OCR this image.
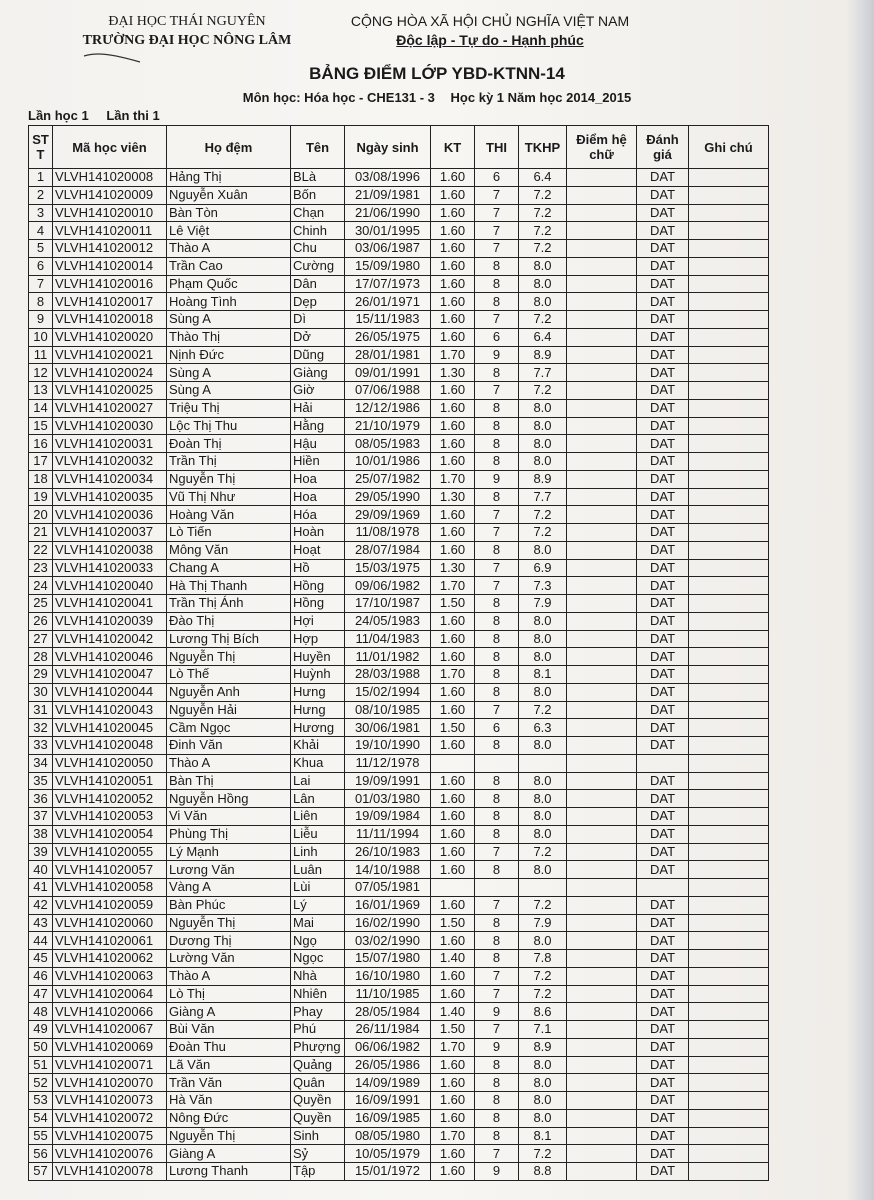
ĐẠI HỌC THÁI NGUYÊN
TRƯỜNG ĐẠI HỌC NÔNG LÂM
CỘNG HÒA XÃ HỘI CHỦ NGHĨA VIỆT NAM
Độc lập - Tự do - Hạnh phúc
BẢNG ĐIỂM LỚP YBD-KTNN-14
Môn học: Hóa học - CHE131 - 3 Học kỳ 1 Năm học 2014_2015
Lần học 1 Lần thi 1
ST T	Mã học viên	Họ đệm	Tên	Ngày sinh	KT	THI	TKHP	Điểm hệ chữ	Đánh giá	Ghi chú
1	VLVH141020008	Hảng Thị	BLà	03/08/1996	1.60	6	6.4		DAT	
2	VLVH141020009	Nguyễn Xuân	Bốn	21/09/1981	1.60	7	7.2		DAT	
3	VLVH141020010	Bàn Tòn	Chạn	21/06/1990	1.60	7	7.2		DAT	
4	VLVH141020011	Lê Việt	Chinh	30/01/1995	1.60	7	7.2		DAT	
5	VLVH141020012	Thào A	Chu	03/06/1987	1.60	7	7.2		DAT	
6	VLVH141020014	Trần Cao	Cường	15/09/1980	1.60	8	8.0		DAT	
7	VLVH141020016	Phạm Quốc	Dân	17/07/1973	1.60	8	8.0		DAT	
8	VLVH141020017	Hoàng Tình	Dẹp	26/01/1971	1.60	8	8.0		DAT	
9	VLVH141020018	Sùng A	Dì	15/11/1983	1.60	7	7.2		DAT	
10	VLVH141020020	Thào Thị	Dở	26/05/1975	1.60	6	6.4		DAT	
11	VLVH141020021	Nịnh Đức	Dũng	28/01/1981	1.70	9	8.9		DAT	
12	VLVH141020024	Sùng A	Giàng	09/01/1991	1.30	8	7.7		DAT	
13	VLVH141020025	Sùng A	Giờ	07/06/1988	1.60	7	7.2		DAT	
14	VLVH141020027	Triệu Thị	Hải	12/12/1986	1.60	8	8.0		DAT	
15	VLVH141020030	Lộc Thị Thu	Hằng	21/10/1979	1.60	8	8.0		DAT	
16	VLVH141020031	Đoàn Thị	Hậu	08/05/1983	1.60	8	8.0		DAT	
17	VLVH141020032	Trần Thị	Hiền	10/01/1986	1.60	8	8.0		DAT	
18	VLVH141020034	Nguyễn Thị	Hoa	25/07/1982	1.70	9	8.9		DAT	
19	VLVH141020035	Vũ Thị Như	Hoa	29/05/1990	1.30	8	7.7		DAT	
20	VLVH141020036	Hoàng Văn	Hóa	29/09/1969	1.60	7	7.2		DAT	
21	VLVH141020037	Lò Tiến	Hoàn	11/08/1978	1.60	7	7.2		DAT	
22	VLVH141020038	Mông Văn	Hoạt	28/07/1984	1.60	8	8.0		DAT	
23	VLVH141020033	Chang A	Hồ	15/03/1975	1.30	7	6.9		DAT	
24	VLVH141020040	Hà Thị Thanh	Hồng	09/06/1982	1.70	7	7.3		DAT	
25	VLVH141020041	Trần Thị Ánh	Hồng	17/10/1987	1.50	8	7.9		DAT	
26	VLVH141020039	Đào Thị	Hợi	24/05/1983	1.60	8	8.0		DAT	
27	VLVH141020042	Lương Thị Bích	Hợp	11/04/1983	1.60	8	8.0		DAT	
28	VLVH141020046	Nguyễn Thị	Huyền	11/01/1982	1.60	8	8.0		DAT	
29	VLVH141020047	Lò Thế	Huỳnh	28/03/1988	1.70	8	8.1		DAT	
30	VLVH141020044	Nguyễn Anh	Hưng	15/02/1994	1.60	8	8.0		DAT	
31	VLVH141020043	Nguyễn Hải	Hưng	08/10/1985	1.60	7	7.2		DAT	
32	VLVH141020045	Cầm Ngọc	Hương	30/06/1981	1.50	6	6.3		DAT	
33	VLVH141020048	Đinh Văn	Khải	19/10/1990	1.60	8	8.0		DAT	
34	VLVH141020050	Thào A	Khua	11/12/1978						
35	VLVH141020051	Bàn Thị	Lai	19/09/1991	1.60	8	8.0		DAT	
36	VLVH141020052	Nguyễn Hồng	Lân	01/03/1980	1.60	8	8.0		DAT	
37	VLVH141020053	Vi Văn	Liên	19/09/1984	1.60	8	8.0		DAT	
38	VLVH141020054	Phùng Thị	Liễu	11/11/1994	1.60	8	8.0		DAT	
39	VLVH141020055	Lý Mạnh	Linh	26/10/1983	1.60	7	7.2		DAT	
40	VLVH141020057	Lương Văn	Luân	14/10/1988	1.60	8	8.0		DAT	
41	VLVH141020058	Vàng A	Lùi	07/05/1981						
42	VLVH141020059	Bàn Phúc	Lý	16/01/1969	1.60	7	7.2		DAT	
43	VLVH141020060	Nguyễn Thị	Mai	16/02/1990	1.50	8	7.9		DAT	
44	VLVH141020061	Dương Thị	Ngọ	03/02/1990	1.60	8	8.0		DAT	
45	VLVH141020062	Lường Văn	Ngọc	15/07/1980	1.40	8	7.8		DAT	
46	VLVH141020063	Thào A	Nhà	16/10/1980	1.60	7	7.2		DAT	
47	VLVH141020064	Lò Thị	Nhiên	11/10/1985	1.60	7	7.2		DAT	
48	VLVH141020066	Giàng A	Phay	28/05/1984	1.40	9	8.6		DAT	
49	VLVH141020067	Bùi Văn	Phú	26/11/1984	1.50	7	7.1		DAT	
50	VLVH141020069	Đoàn Thu	Phượng	06/06/1982	1.70	9	8.9		DAT	
51	VLVH141020071	Lã Văn	Quảng	26/05/1986	1.60	8	8.0		DAT	
52	VLVH141020070	Trần Văn	Quân	14/09/1989	1.60	8	8.0		DAT	
53	VLVH141020073	Hà Văn	Quyền	16/09/1991	1.60	8	8.0		DAT	
54	VLVH141020072	Nông Đức	Quyền	16/09/1985	1.60	8	8.0		DAT	
55	VLVH141020075	Nguyễn Thị	Sinh	08/05/1980	1.70	8	8.1		DAT	
56	VLVH141020076	Giàng A	Sỷ	10/05/1979	1.60	7	7.2		DAT	
57	VLVH141020078	Lương Thanh	Tập	15/01/1972	1.60	9	8.8		DAT	
